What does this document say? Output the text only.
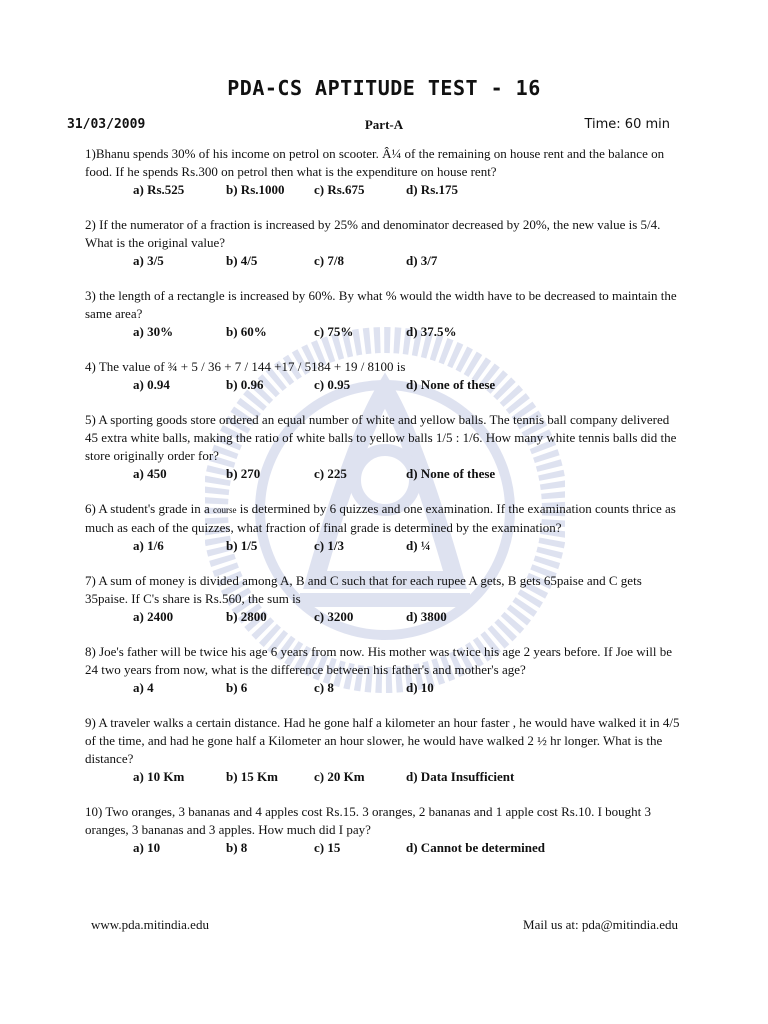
PDA-CS APTITUDE TEST - 16
31/03/2009	Part-A	Time: 60 min

1)Bhanu spends 30% of his income on petrol on scooter. Â¼ of the remaining on house rent and the balance on food. If he spends Rs.300 on petrol then what is the expenditure on house rent?

a) Rs.525	b) Rs.1000	c) Rs.675	d) Rs.175

2) If the numerator of a fraction is increased by 25% and denominator decreased by 20%, the new value is 5/4. What is the original value?

a) 3/5	b) 4/5	c) 7/8	d) 3/7

3) the length of a rectangle is increased by 60%. By what % would the width have to be decreased to maintain the same area?

a) 30%	b) 60%	c) 75%	d) 37.5%

4) The value of ¾ + 5 / 36 + 7 / 144 +17 / 5184 + 19 / 8100 is

a) 0.94	b) 0.96	c) 0.95	d) None of these

5) A sporting goods store ordered an equal number of white and yellow balls. The tennis ball company delivered 45 extra white balls, making the ratio of white balls to yellow balls 1/5 : 1/6. How many white tennis balls did the store originally order for?

a) 450	b) 270	c) 225	d) None of these

6) A student's grade in a course is determined by 6 quizzes and one examination. If the examination counts thrice as much as each of the quizzes, what fraction of final grade is determined by the examination?

a) 1/6	b) 1/5	c) 1/3	d) ¼

7) A sum of money is divided among A, B and C such that for each rupee A gets, B gets 65paise and C gets 35paise. If C's share is Rs.560, the sum is

a) 2400	b) 2800	c) 3200	d) 3800

8) Joe's father will be twice his age 6 years from now. His mother was twice his age 2 years before. If Joe will be 24 two years from now, what is the difference between his father's and mother's age?

a) 4	b) 6	c) 8	d) 10

9) A traveler walks a certain distance. Had he gone half a kilometer an hour faster , he would have walked it in 4/5 of the time, and had he gone half a Kilometer an hour slower, he would have walked 2 ½ hr longer. What is the distance?

a) 10 Km	b) 15 Km	c) 20 Km	d) Data Insufficient

10) Two oranges, 3 bananas and 4 apples cost Rs.15. 3 oranges, 2 bananas and 1 apple cost Rs.10. I bought 3 oranges, 3 bananas and 3 apples. How much did I pay?

a) 10	b) 8	c) 15	d) Cannot be determined
www.pda.mitindia.edu	Mail us at: pda@mitindia.edu
